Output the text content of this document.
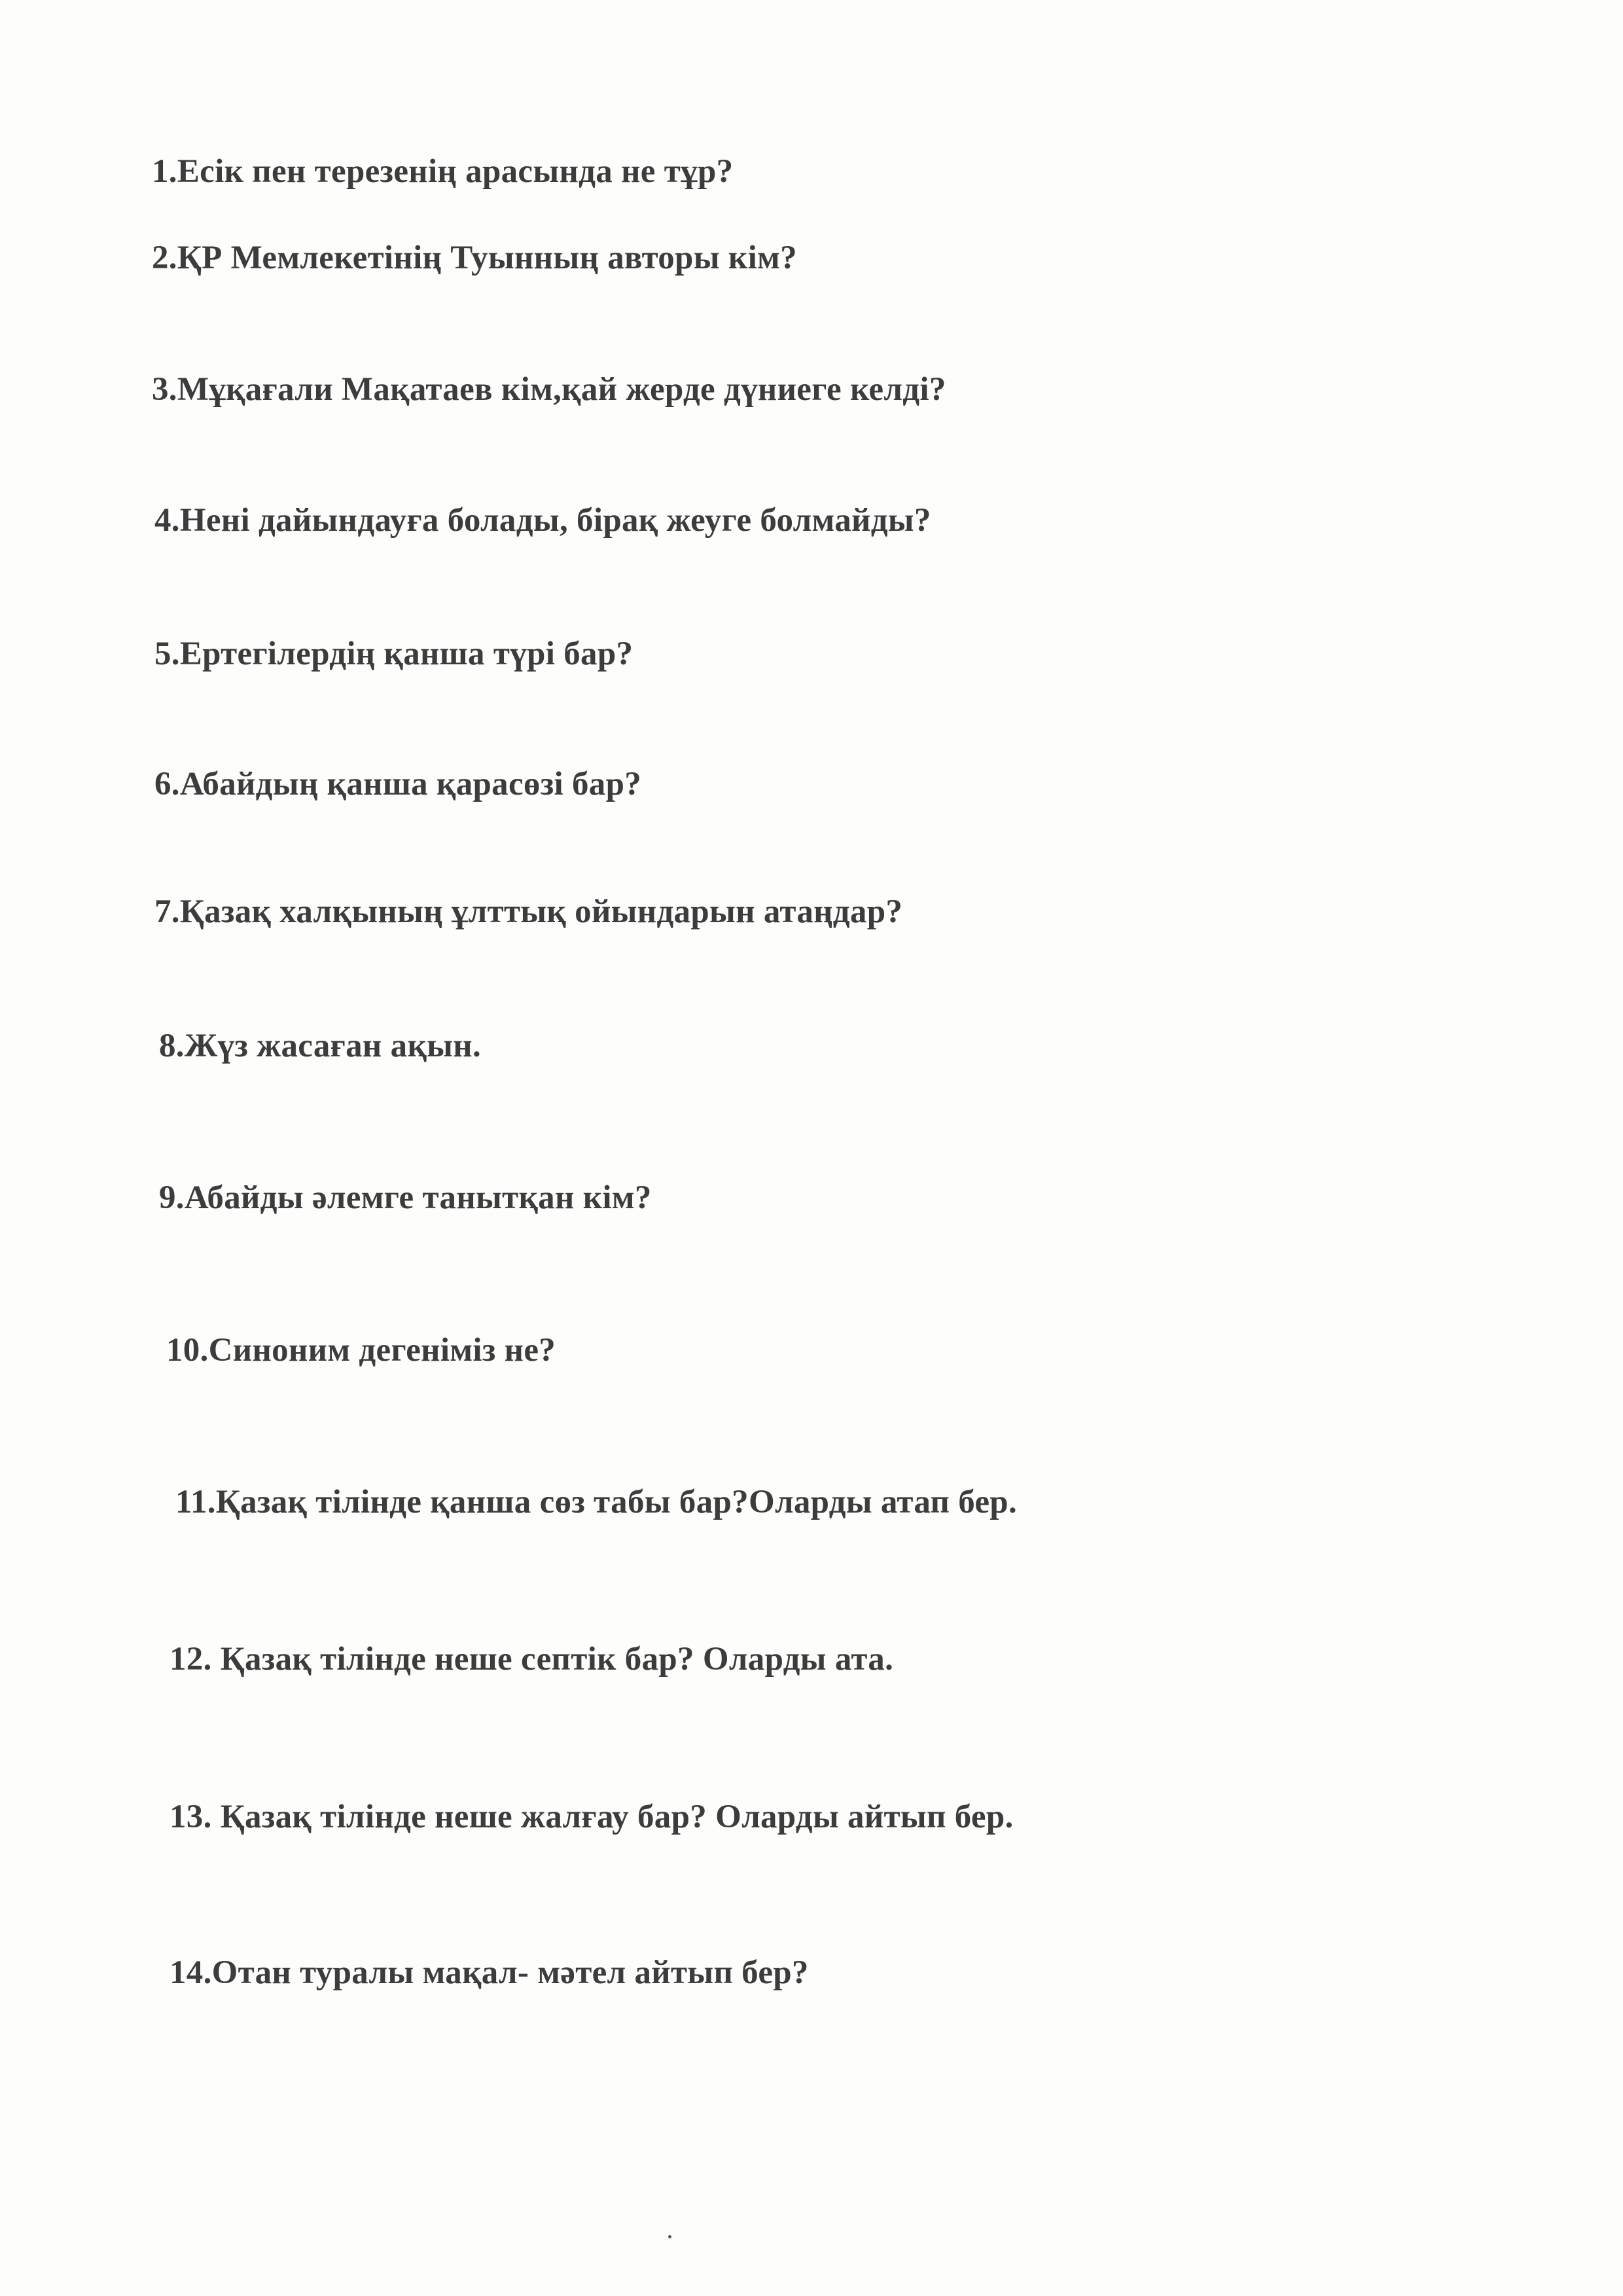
1.Есік пен терезенің арасында не тұр?

2.ҚР Мемлекетінің Туынның авторы кім?

3.Мұқағали Мақатаев кім,қай жерде дүниеге келді?

4.Нені дайындауға болады, бірақ жеуге болмайды?

5.Ертегілердің қанша түрі бар?

6.Абайдың қанша қарасөзі бар?

7.Қазақ халқының ұлттық ойындарын атаңдар?

8.Жүз жасаған ақын.

9.Абайды әлемге танытқан кім?

10.Синоним дегеніміз не?

11.Қазақ тілінде қанша сөз табы бар?Оларды атап бер.

12. Қазақ тілінде неше септік бар? Оларды ата.

13. Қазақ тілінде неше жалғау бар? Оларды айтып бер.

14.Отан туралы мақал- мәтел айтып бер?
